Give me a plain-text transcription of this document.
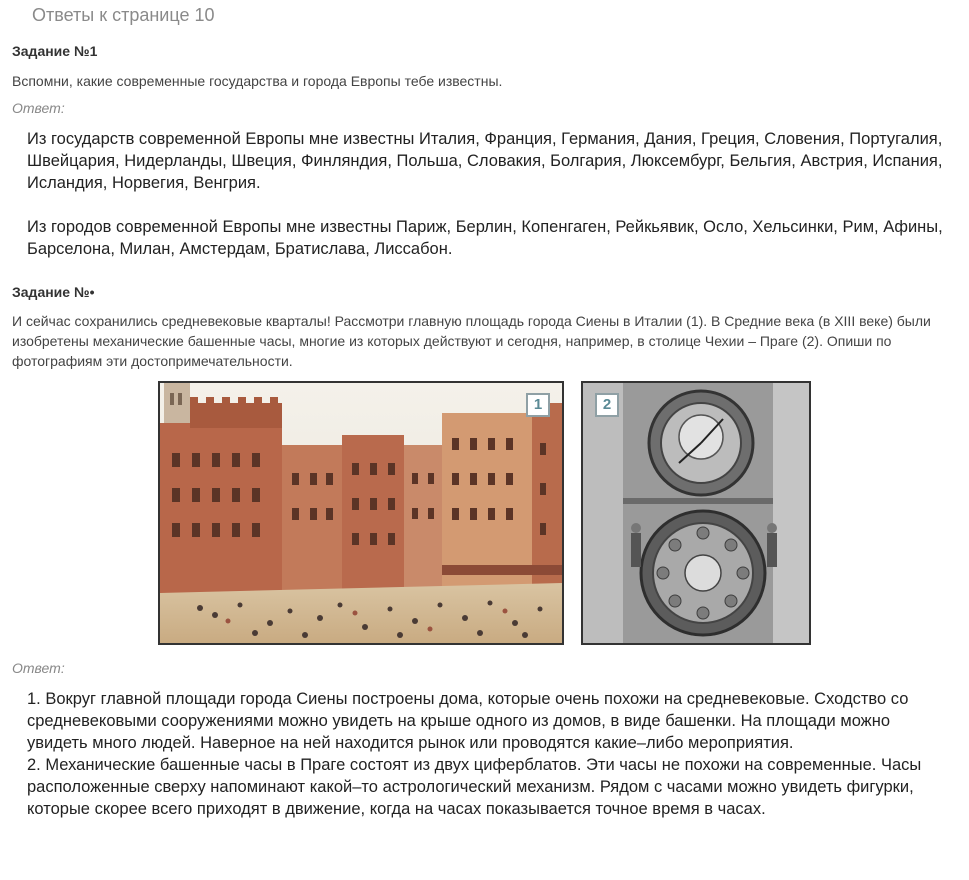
Ответы к странице 10
Задание №1

Вспомни, какие современные государства и города Европы тебе известны.

Ответ:

Из государств современной Европы мне известны Италия, Франция, Германия, Дания, Греция, Словения, Португалия, Швейцария, Нидерланды, Швеция, Финляндия, Польша, Словакия, Болгария, Люксембург, Бельгия, Австрия, Испания, Исландия, Норвегия, Венгрия.

Из городов современной Европы мне известны Париж, Берлин, Копенгаген, Рейкьявик, Осло, Хельсинки, Рим, Афины, Барселона, Милан, Амстердам, Братислава, Лиссабон.

Задание №•

И сейчас сохранились средневековые кварталы! Рассмотри главную площадь города Сиены в Италии (1). В Средние века (в XIII веке) были изобретены механические башенные часы, многие из которых действуют и сегодня, например, в столице Чехии – Праге (2). Опиши по фотографиям эти достопримечательности.

1	2

Ответ:

1. Вокруг главной площади города Сиены построены дома, которые очень похожи на средневековые. Сходство со средневековыми сооружениями можно увидеть на крыше одного из домов, в виде башенки. На площади можно увидеть много людей. Наверное на ней находится рынок или проводятся какие–либо мероприятия.

2. Механические башенные часы в Праге состоят из двух циферблатов. Эти часы не похожи на современные. Часы расположенные сверху напоминают какой–то астрологический механизм. Рядом с часами можно увидеть фигурки, которые скорее всего приходят в движение, когда на часах показывается точное время в часах.
